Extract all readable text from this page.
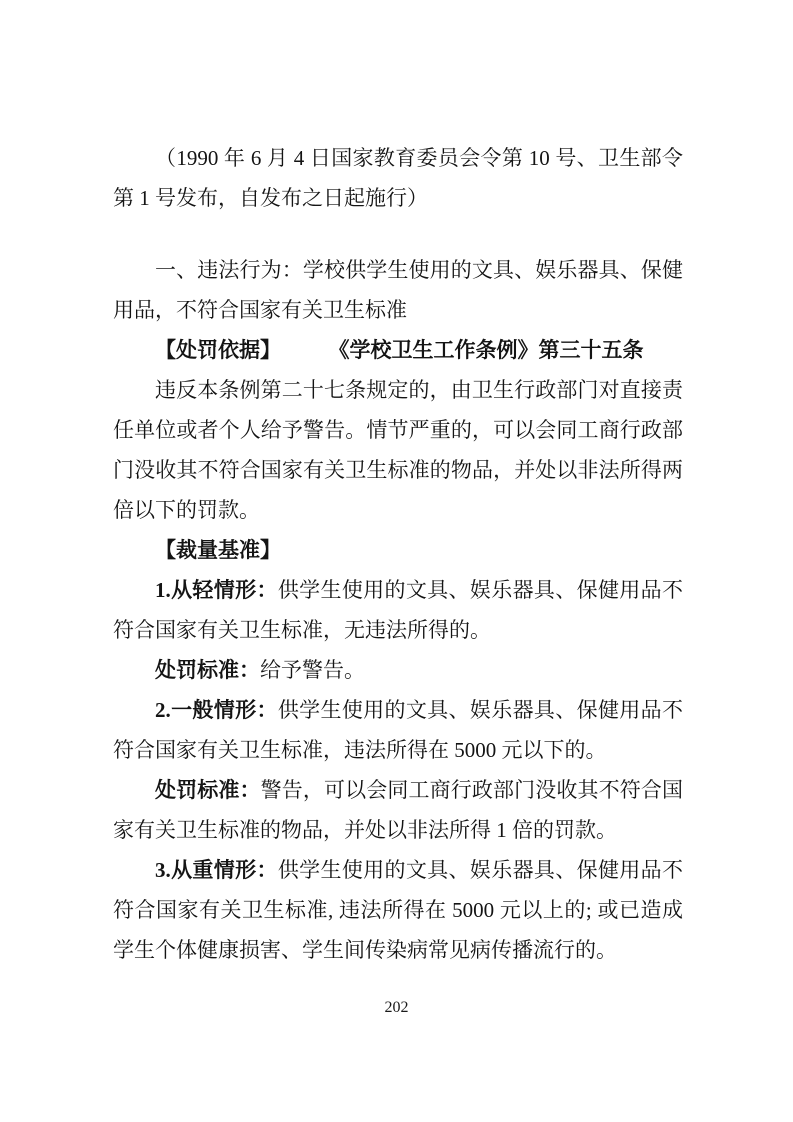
（1990 年 6 月 4 日国家教育委员会令第 10 号、卫生部令第 1 号发布，自发布之日起施行）

一、违法行为：学校供学生使用的文具、娱乐器具、保健用品，不符合国家有关卫生标准

【处罚依据】	《学校卫生工作条例》第三十五条

违反本条例第二十七条规定的，由卫生行政部门对直接责任单位或者个人给予警告。情节严重的，可以会同工商行政部门没收其不符合国家有关卫生标准的物品，并处以非法所得两倍以下的罚款。

【裁量基准】

1.从轻情形：供学生使用的文具、娱乐器具、保健用品不符合国家有关卫生标准，无违法所得的。

处罚标准：给予警告。

2.一般情形：供学生使用的文具、娱乐器具、保健用品不符合国家有关卫生标准，违法所得在 5000 元以下的。

处罚标准：警告，可以会同工商行政部门没收其不符合国家有关卫生标准的物品，并处以非法所得 1 倍的罚款。

3.从重情形：供学生使用的文具、娱乐器具、保健用品不符合国家有关卫生标准, 违法所得在 5000 元以上的; 或已造成学生个体健康损害、学生间传染病常见病传播流行的。

202
